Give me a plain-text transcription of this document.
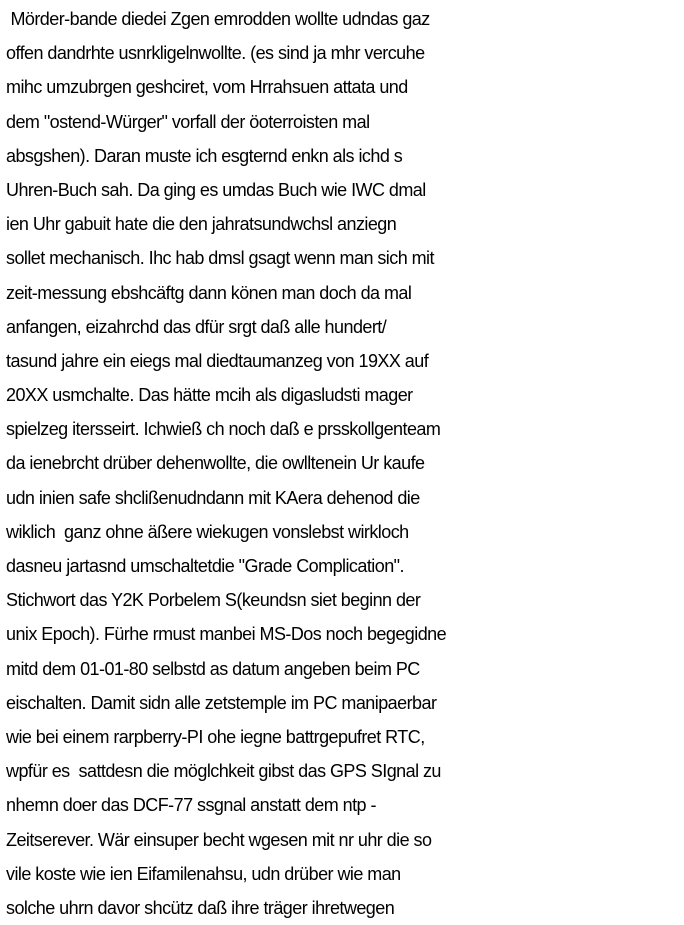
Mörder-bande diedei Zgen emrodden wollte udndas gaz
offen dandrhte usnrkligelnwollte. (es sind ja mhr vercuhe
mihc umzubrgen geshciret, vom Hrrahsuen attata und
dem "ostend-Würger" vorfall der öoterroisten mal
absgshen). Daran muste ich esgternd enkn als ichd s
Uhren-Buch sah. Da ging es umdas Buch wie IWC dmal
ien Uhr gabuit hate die den jahratsundwchsl anziegn
sollet mechanisch. Ihc hab dmsl gsagt wenn man sich mit
zeit-messung ebshcäftg dann könen man doch da mal
anfangen, eizahrchd das dfür srgt daß alle hundert/
tasund jahre ein eiegs mal diedtaumanzeg von 19XX auf
20XX usmchalte. Das hätte mcih als digasludsti mager
spielzeg itersseirt. Ichwieß ch noch daß e prsskollgenteam
da ienebrcht drüber dehenwollte, die owlltenein Ur kaufe
udn inien safe shclißenudndann mit KAera dehenod die
wiklich  ganz ohne äßere wiekugen vonslebst wirkloch
dasneu jartasnd umschaltetdie "Grade Complication".
Stichwort das Y2K Porbelem S(keundsn siet beginn der
unix Epoch). Fürhe rmust manbei MS-Dos noch begegidne
mitd dem 01-01-80 selbstd as datum angeben beim PC
eischalten. Damit sidn alle zetstemple im PC manipaerbar
wie bei einem rarpberry-PI ohe iegne battrgepufret RTC,
wpfür es  sattdesn die möglchkeit gibst das GPS SIgnal zu
nhemn doer das DCF-77 ssgnal anstatt dem ntp -
Zeitserever. Wär einsuper becht wgesen mit nr uhr die so
vile koste wie ien Eifamilenahsu, udn drüber wie man
solche uhrn davor shcütz daß ihre träger ihretwegen
